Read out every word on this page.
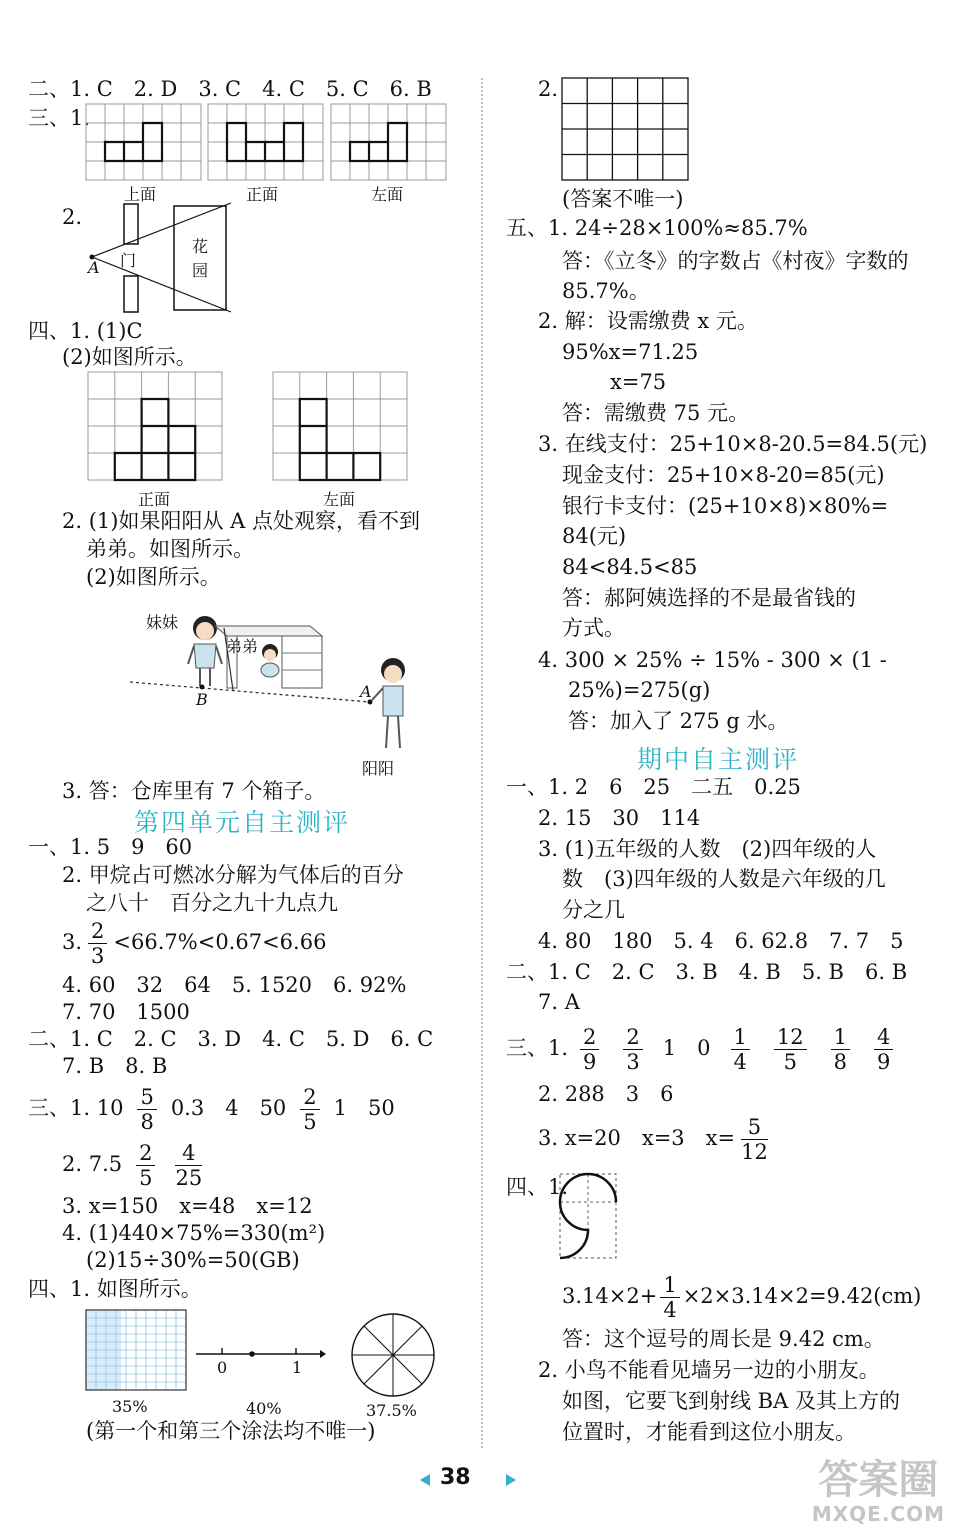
二、1. C　2. D　3. C　4. C　5. C　6. B
三、1.
上面	正面	左面
2.
A 门
花
园
四、1. (1)C
(2)如图所示。
正面	左面
2. (1)如果阳阳从 A 点处观察，看不到
弟弟。如图所示。
(2)如图所示。
妹妹
弟弟
B	A
阳阳
3. 答：仓库里有 7 个箱子。
第四单元自主测评
一、1. 5　9　60
2. 甲烷占可燃冰分解为气体后的百分
之八十　百分之九十九点九
3. $\frac{2}{3} <66.7\%<0.67<6.66$
4. 60　32　64　5. 1520　6. 92%
7. 70　1500
二、1. C　2. C　3. D　4. C　5. D　6. C
7. B　8. B
三、1. $10 \frac{5}{8} 0.3$　4　$50 \frac{2}{5} 1$　50
2. $7.5 \frac{2}{5} \frac{4}{25}$
3. x=150　x=48　x=12
4. (1)440×75%=330(m²)
(2)15÷30%=50(GB)
四、1. 如图所示。
35%
0	1
40%	37.5%
(第一个和第三个涂法均不唯一)
2.
(答案不唯一)
五、1. 24÷28×100%≈85.7%
答：《立冬》的字数占《村夜》字数的
85.7%。
2. 解：设需缴费 x 元。
95%x=71.25
x=75
答：需缴费 75 元。
3. 在线支付：25+10×8-20.5=84.5(元)
现金支付：25+10×8-20=85(元)
银行卡支付：(25+10×8)×80%=
84(元)
84<84.5<85
答：郝阿姨选择的不是最省钱的
方式。
4. 300 × 25% ÷ 15% - 300 × (1 -
25%)=275(g)
答：加入了 275 g 水。
期中自主测评
一、1. 2　6　25　二五　0.25
2. 15　30　114
3. (1)五年级的人数　(2)四年级的人
数　(3)四年级的人数是六年级的几
分之几
4. 80　180　5. 4　6. 62.8　7. 7　5
二、1. C　2. C　3. B　4. B　5. B　6. B
7. A
三、1. $\frac{2}{9} \frac{2}{3} 1$　$0 \frac{1}{4} \frac{12}{5} \frac{1}{8} \frac{4}{9}$
2. 288　3　6
3. x=20　x=3　$x= \frac{5}{12}$
四、1.
$3.14\times 2+ \frac{1}{4} \times 2\times 3.14\times 2=9.42(cm)$
答：这个逗号的周长是 9.42 cm。
2. 小鸟不能看见墙另一边的小朋友。
如图，它要飞到射线 BA 及其上方的
位置时，才能看到这位小朋友。
38	答案圈
MXQE.COM
